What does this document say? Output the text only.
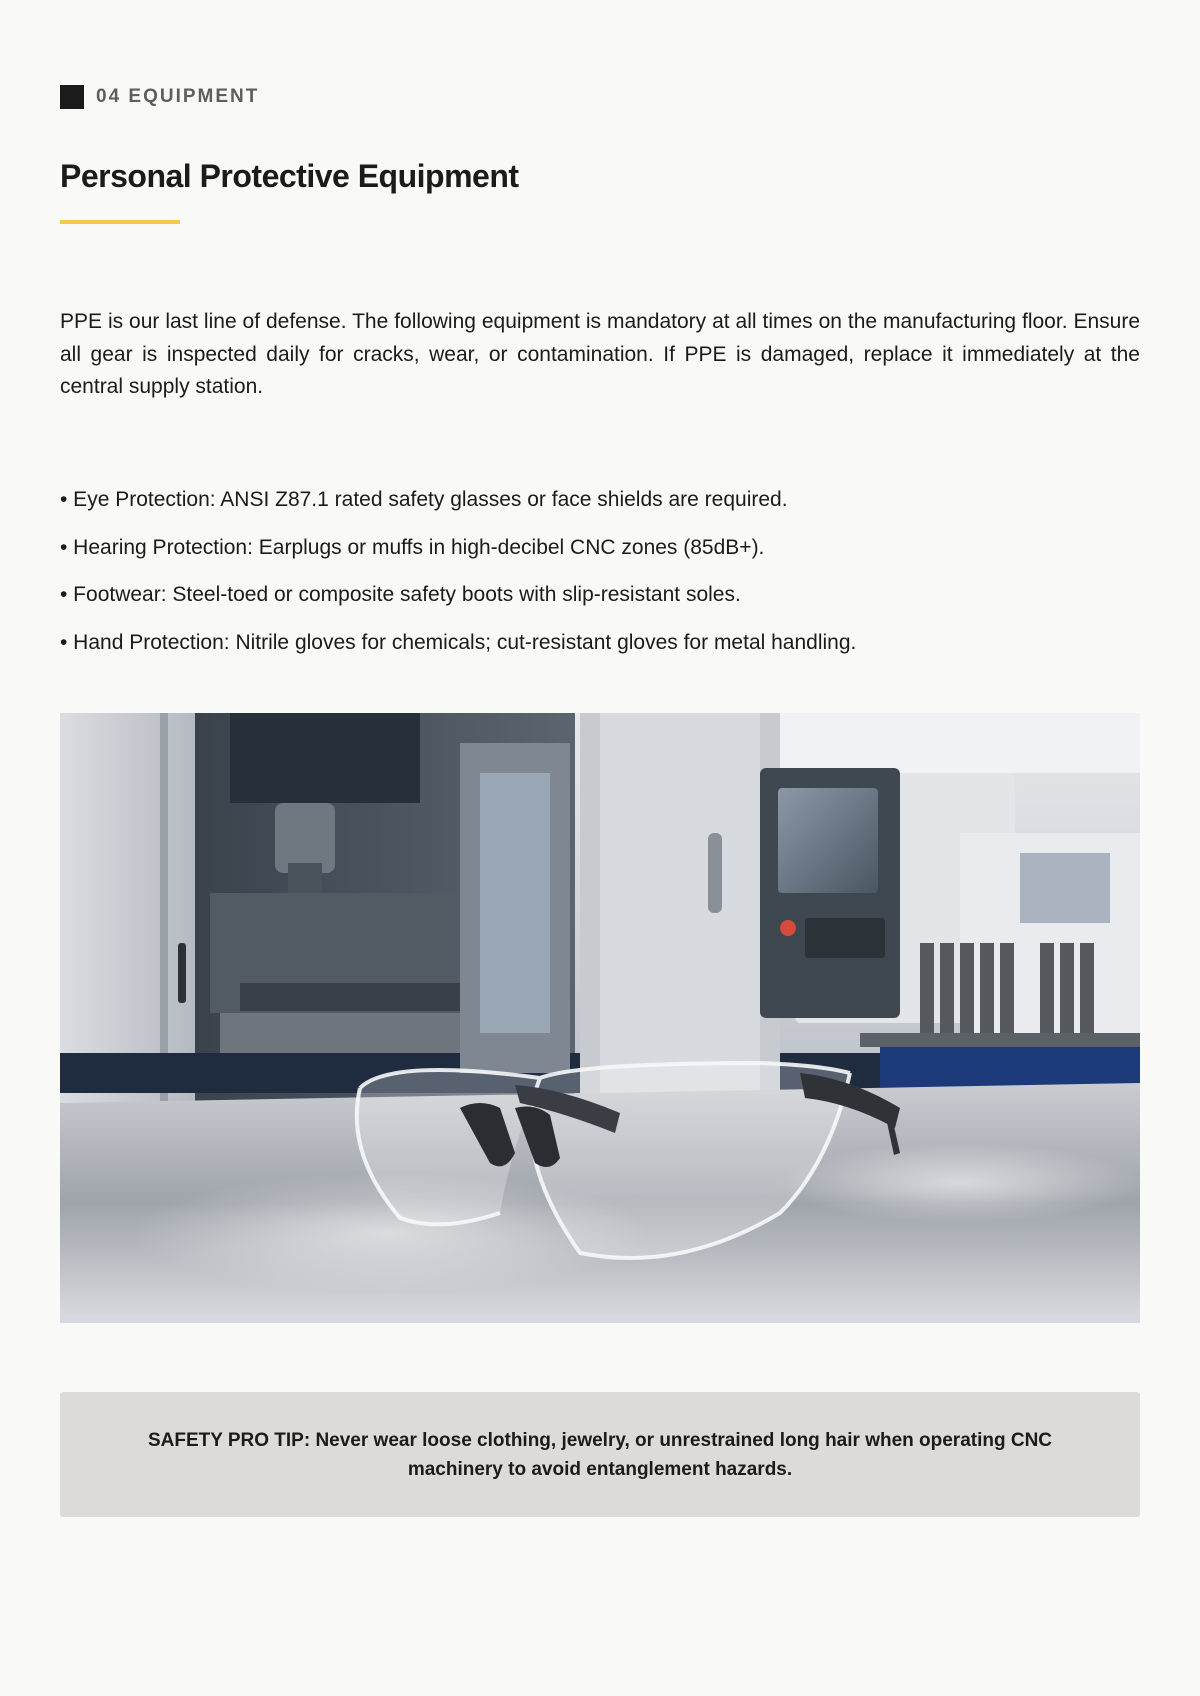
04 EQUIPMENT
Personal Protective Equipment

PPE is our last line of defense. The following equipment is mandatory at all times on the manufacturing floor. Ensure all gear is inspected daily for cracks, wear, or contamination. If PPE is damaged, replace it immediately at the central supply station.

• Eye Protection: ANSI Z87.1 rated safety glasses or face shields are required.
• Hearing Protection: Earplugs or muffs in high-decibel CNC zones (85dB+).
• Footwear: Steel-toed or composite safety boots with slip-resistant soles.
• Hand Protection: Nitrile gloves for chemicals; cut-resistant gloves for metal handling.

SAFETY PRO TIP: Never wear loose clothing, jewelry, or unrestrained long hair when operating CNC machinery to avoid entanglement hazards.
